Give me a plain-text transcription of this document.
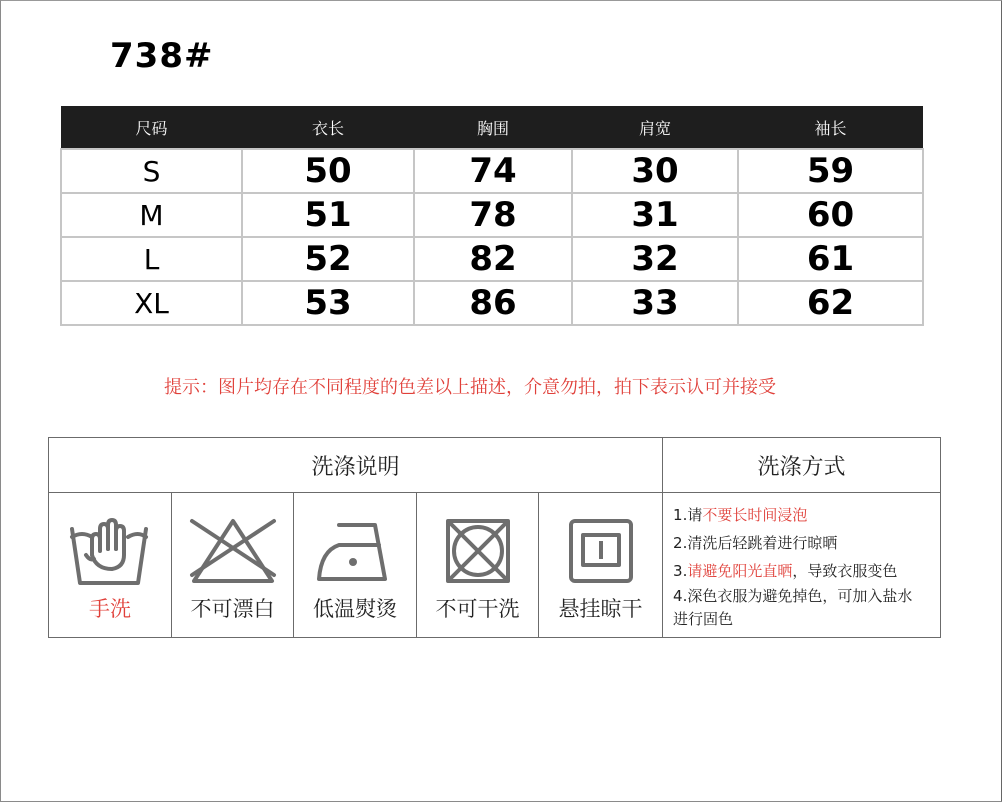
738#
尺码	衣长	胸围	肩宽	袖长
S	50	74	30	59
M	51	78	31	60
L	52	82	32	61
XL	53	86	33	62
提示：图片均存在不同程度的色差以上描述，介意勿拍，拍下表示认可并接受
洗涤说明					洗涤方式

手洗	不可漂白	低温熨烫	不可干洗	悬挂晾干	1.请不要长时间浸泡
2.清洗后轻跳着进行晾晒
3.请避免阳光直晒，导致衣服变色
4.深色衣服为避免掉色，可加入盐水进行固色
